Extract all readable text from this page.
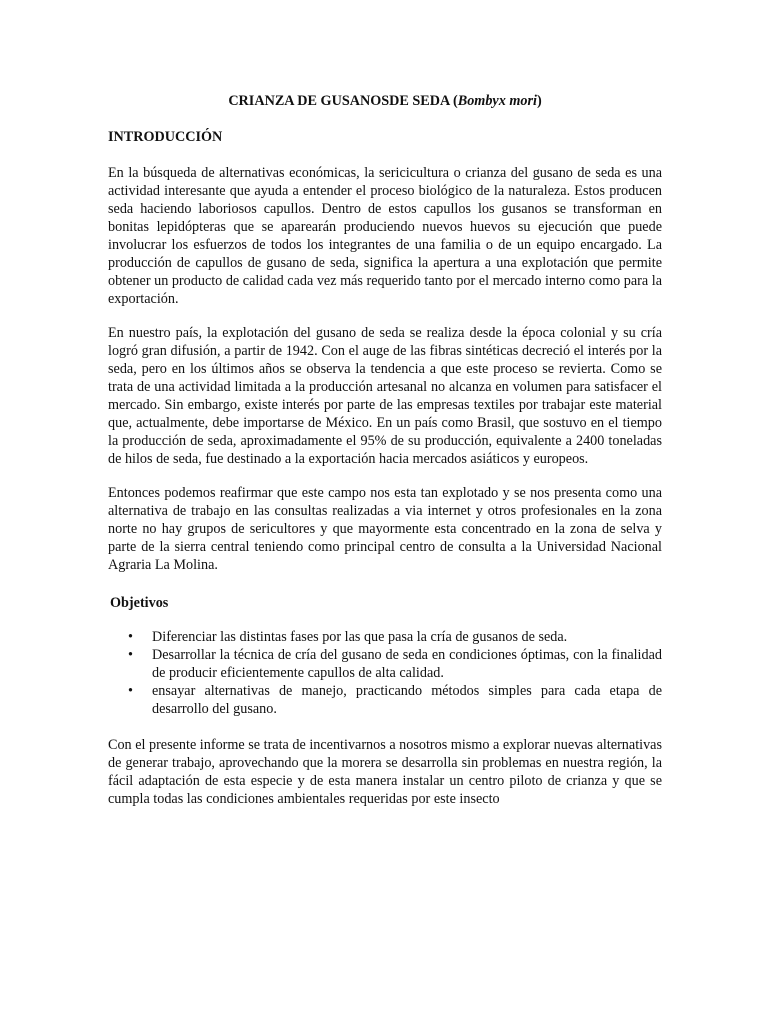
CRIANZA DE GUSANOSDE SEDA (Bombyx mori)
INTRODUCCIÓN
En la búsqueda de alternativas económicas, la sericicultura o crianza del gusano de seda es una actividad interesante que ayuda a entender el proceso biológico de la naturaleza. Estos producen seda haciendo laboriosos capullos. Dentro de estos capullos los gusanos se transforman en bonitas lepidópteras que se aparearán produciendo nuevos huevos su ejecución que puede involucrar los esfuerzos de todos los integrantes de una familia o de un equipo encargado. La producción de capullos de gusano de seda, significa la apertura a una explotación que permite obtener un producto de calidad cada vez más requerido tanto por el mercado interno como para la exportación.
En nuestro país, la explotación del gusano de seda se realiza desde la época colonial y su cría logró gran difusión, a partir de 1942. Con el auge de las fibras sintéticas decreció el interés por la seda, pero en los últimos años se observa la tendencia a que este proceso se revierta. Como se trata de una actividad limitada a la producción artesanal no alcanza en volumen para satisfacer el mercado. Sin embargo, existe interés por parte de las empresas textiles por trabajar este material que, actualmente, debe importarse de México. En un país como Brasil, que sostuvo en el tiempo la producción de seda, aproximadamente el 95% de su producción, equivalente a 2400 toneladas de hilos de seda, fue destinado a la exportación hacia mercados asiáticos y europeos.
Entonces podemos reafirmar que este campo nos esta tan explotado y se nos presenta como una alternativa de trabajo en las consultas realizadas a via internet y otros profesionales en la zona norte no hay grupos de sericultores y que mayormente esta concentrado en la zona de selva y parte de la sierra central teniendo como principal centro de consulta a la Universidad Nacional Agraria La Molina.
Objetivos
• Diferenciar las distintas fases por las que pasa la cría de gusanos de seda.
• Desarrollar la técnica de cría del gusano de seda en condiciones óptimas, con la finalidad de producir eficientemente capullos de alta calidad.
• ensayar alternativas de manejo, practicando métodos simples para cada etapa de desarrollo del gusano.
Con el presente informe se trata de incentivarnos a nosotros mismo a explorar nuevas alternativas de generar trabajo, aprovechando que la morera se desarrolla sin problemas en nuestra región, la fácil adaptación de esta especie y de esta manera instalar un centro piloto de crianza y que se cumpla todas las condiciones ambientales requeridas por este insecto
